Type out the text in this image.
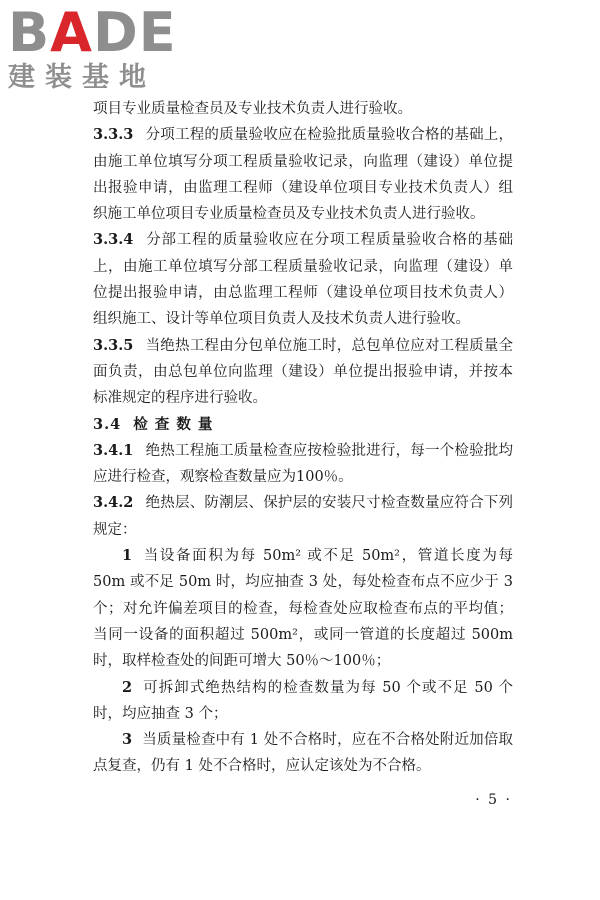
BADE
建装基地

项目专业质量检查员及专业技术负责人进行验收。

3.3.3 分项工程的质量验收应在检验批质量验收合格的基础上，由施工单位填写分项工程质量验收记录，向监理（建设）单位提出报验申请，由监理工程师（建设单位项目专业技术负责人）组织施工单位项目专业质量检查员及专业技术负责人进行验收。

3.3.4 分部工程的质量验收应在分项工程质量验收合格的基础上，由施工单位填写分部工程质量验收记录，向监理（建设）单位提出报验申请，由总监理工程师（建设单位项目技术负责人）组织施工、设计等单位项目负责人及技术负责人进行验收。

3.3.5 当绝热工程由分包单位施工时，总包单位应对工程质量全面负责，由总包单位向监理（建设）单位提出报验申请，并按本标准规定的程序进行验收。

3.4 检 查 数 量

3.4.1 绝热工程施工质量检查应按检验批进行，每一个检验批均应进行检查，观察检查数量应为100％。

3.4.2 绝热层、防潮层、保护层的安装尺寸检查数量应符合下列规定：

1 当设备面积为每 50m² 或不足 50m²，管道长度为每 50m 或不足 50m 时，均应抽查 3 处，每处检查布点不应少于 3 个；对允许偏差项目的检查，每检查处应取检查布点的平均值；当同一设备的面积超过 500m²，或同一管道的长度超过 500m 时，取样检查处的间距可增大 50％～100％；

2 可拆卸式绝热结构的检查数量为每 50 个或不足 50 个时，均应抽查 3 个；

3 当质量检查中有 1 处不合格时，应在不合格处附近加倍取点复查，仍有 1 处不合格时，应认定该处为不合格。

· 5 ·
